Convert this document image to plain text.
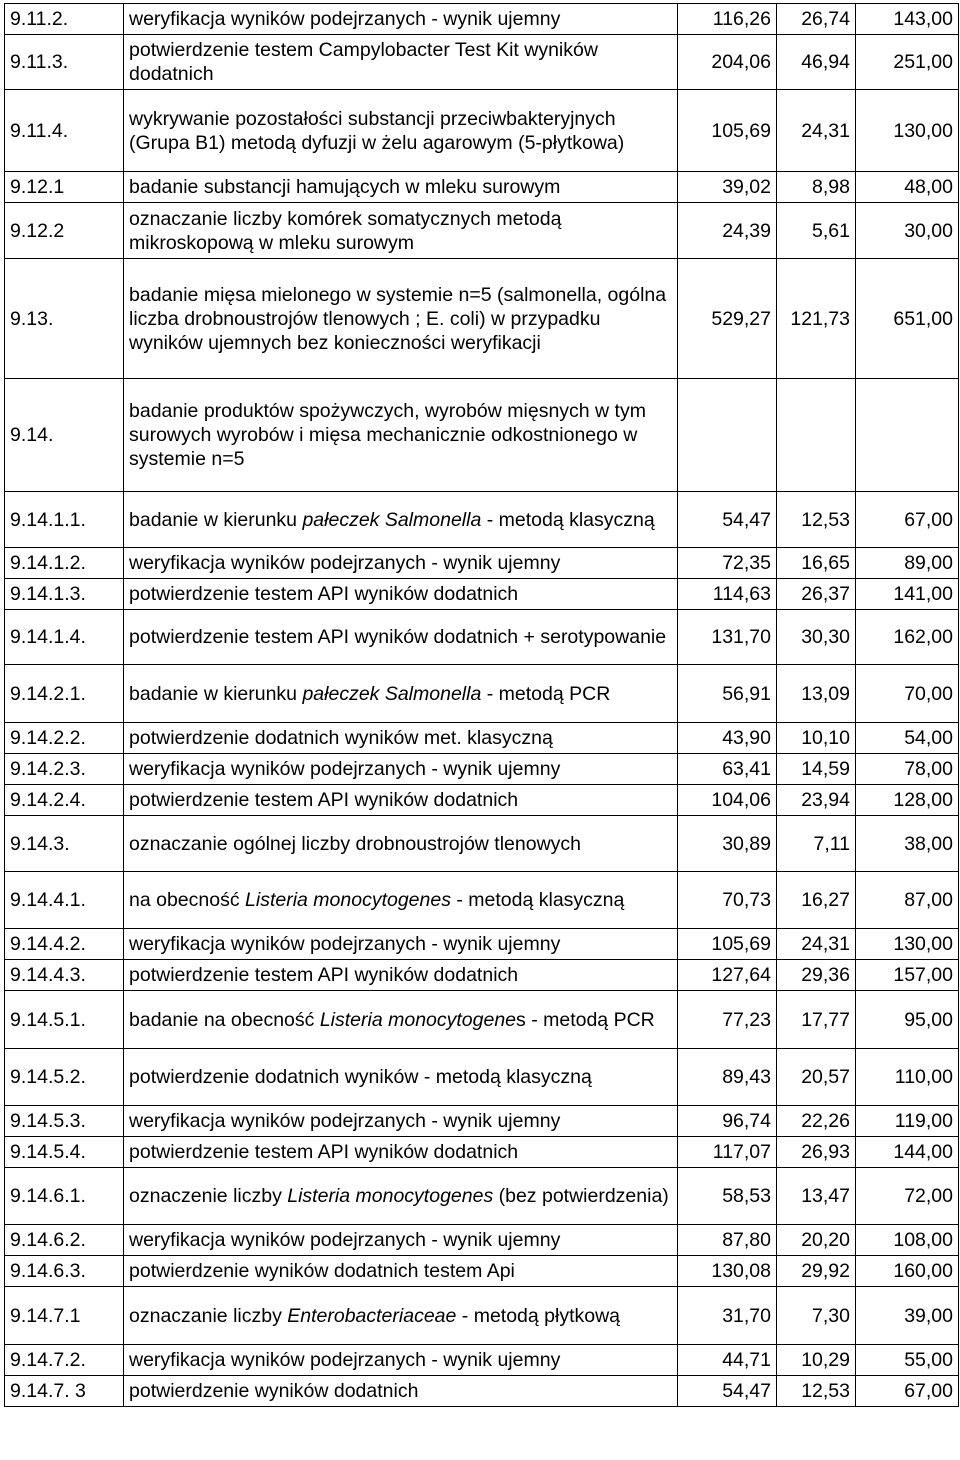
9.11.2.	weryfikacja wyników podejrzanych - wynik ujemny	116,26	26,74	143,00
9.11.3.	potwierdzenie testem Campylobacter Test Kit wyników dodatnich	204,06	46,94	251,00
9.11.4.	wykrywanie pozostałości substancji przeciwbakteryjnych (Grupa B1) metodą dyfuzji w żelu agarowym (5-płytkowa)	105,69	24,31	130,00
9.12.1	badanie substancji hamujących w mleku surowym	39,02	8,98	48,00
9.12.2	oznaczanie liczby komórek somatycznych metodą mikroskopową w mleku surowym	24,39	5,61	30,00
9.13.	badanie mięsa mielonego w systemie n=5 (salmonella, ogólna liczba drobnoustrojów tlenowych ; E. coli) w przypadku wyników ujemnych bez konieczności weryfikacji	529,27	121,73	651,00
9.14.	badanie produktów spożywczych, wyrobów mięsnych w tym surowych wyrobów i mięsa mechanicznie odkostnionego w systemie n=5			
9.14.1.1.	badanie w kierunku pałeczek Salmonella - metodą klasyczną	54,47	12,53	67,00
9.14.1.2.	weryfikacja wyników podejrzanych - wynik ujemny	72,35	16,65	89,00
9.14.1.3.	potwierdzenie testem API wyników dodatnich	114,63	26,37	141,00
9.14.1.4.	potwierdzenie testem API wyników dodatnich + serotypowanie	131,70	30,30	162,00
9.14.2.1.	badanie w kierunku pałeczek Salmonella - metodą PCR	56,91	13,09	70,00
9.14.2.2.	potwierdzenie dodatnich wyników met. klasyczną	43,90	10,10	54,00
9.14.2.3.	weryfikacja wyników podejrzanych - wynik ujemny	63,41	14,59	78,00
9.14.2.4.	potwierdzenie testem API wyników dodatnich	104,06	23,94	128,00
9.14.3.	oznaczanie ogólnej liczby drobnoustrojów tlenowych	30,89	7,11	38,00
9.14.4.1.	na obecność Listeria monocytogenes - metodą klasyczną	70,73	16,27	87,00
9.14.4.2.	weryfikacja wyników podejrzanych - wynik ujemny	105,69	24,31	130,00
9.14.4.3.	potwierdzenie testem API wyników dodatnich	127,64	29,36	157,00
9.14.5.1.	badanie na obecność Listeria monocytogenes - metodą PCR	77,23	17,77	95,00
9.14.5.2.	potwierdzenie dodatnich wyników - metodą klasyczną	89,43	20,57	110,00
9.14.5.3.	weryfikacja wyników podejrzanych - wynik ujemny	96,74	22,26	119,00
9.14.5.4.	potwierdzenie testem API wyników dodatnich	117,07	26,93	144,00
9.14.6.1.	oznaczenie liczby Listeria monocytogenes (bez potwierdzenia)	58,53	13,47	72,00
9.14.6.2.	weryfikacja wyników podejrzanych - wynik ujemny	87,80	20,20	108,00
9.14.6.3.	potwierdzenie wyników dodatnich testem Api	130,08	29,92	160,00
9.14.7.1	oznaczanie liczby Enterobacteriaceae - metodą płytkową	31,70	7,30	39,00
9.14.7.2.	weryfikacja wyników podejrzanych - wynik ujemny	44,71	10,29	55,00
9.14.7. 3	potwierdzenie wyników dodatnich	54,47	12,53	67,00
